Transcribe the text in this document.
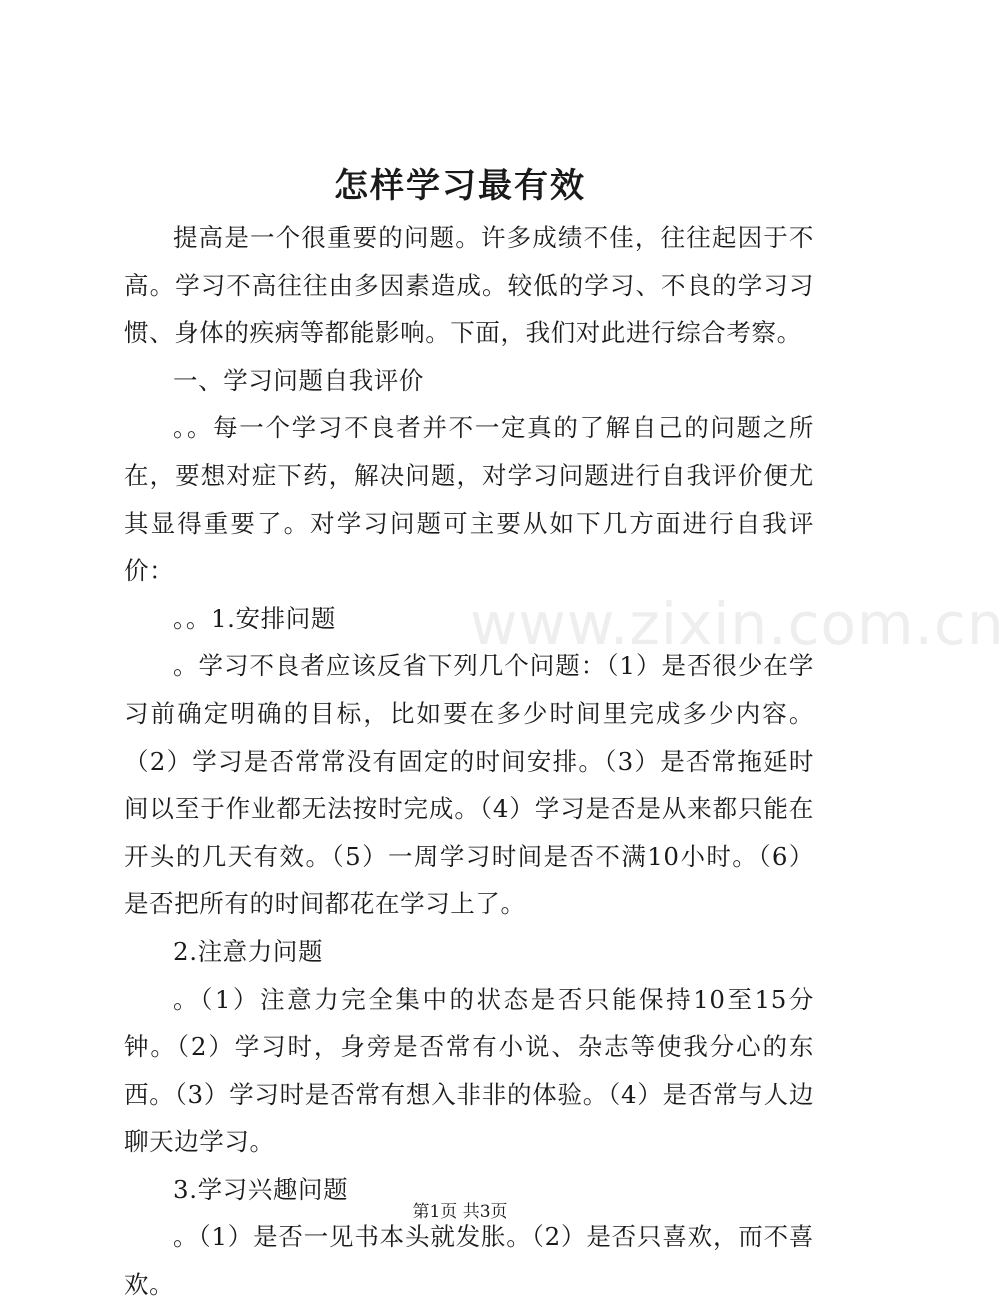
www.zixin.com.cn
怎样学习最有效

提高是一个很重要的问题。许多成绩不佳，往往起因于不高。学习不高往往由多因素造成。较低的学习、不良的学习习惯、身体的疾病等都能影响。下面，我们对此进行综合考察。

一、学习问题自我评价

。。每一个学习不良者并不一定真的了解自己的问题之所在，要想对症下药，解决问题，对学习问题进行自我评价便尤其显得重要了。对学习问题可主要从如下几方面进行自我评价：

。。1.安排问题

。学习不良者应该反省下列几个问题：（1）是否很少在学习前确定明确的目标，比如要在多少时间里完成多少内容。（2）学习是否常常没有固定的时间安排。（3）是否常拖延时间以至于作业都无法按时完成。（4）学习是否是从来都只能在开头的几天有效。（5）一周学习时间是否不满10小时。（6）是否把所有的时间都花在学习上了。

2.注意力问题

。（1）注意力完全集中的状态是否只能保持10至15分钟。（2）学习时，身旁是否常有小说、杂志等使我分心的东西。（3）学习时是否常有想入非非的体验。（4）是否常与人边聊天边学习。

3.学习兴趣问题

。（1）是否一见书本头就发胀。（2）是否只喜欢，而不喜欢。

第1页 共3页
